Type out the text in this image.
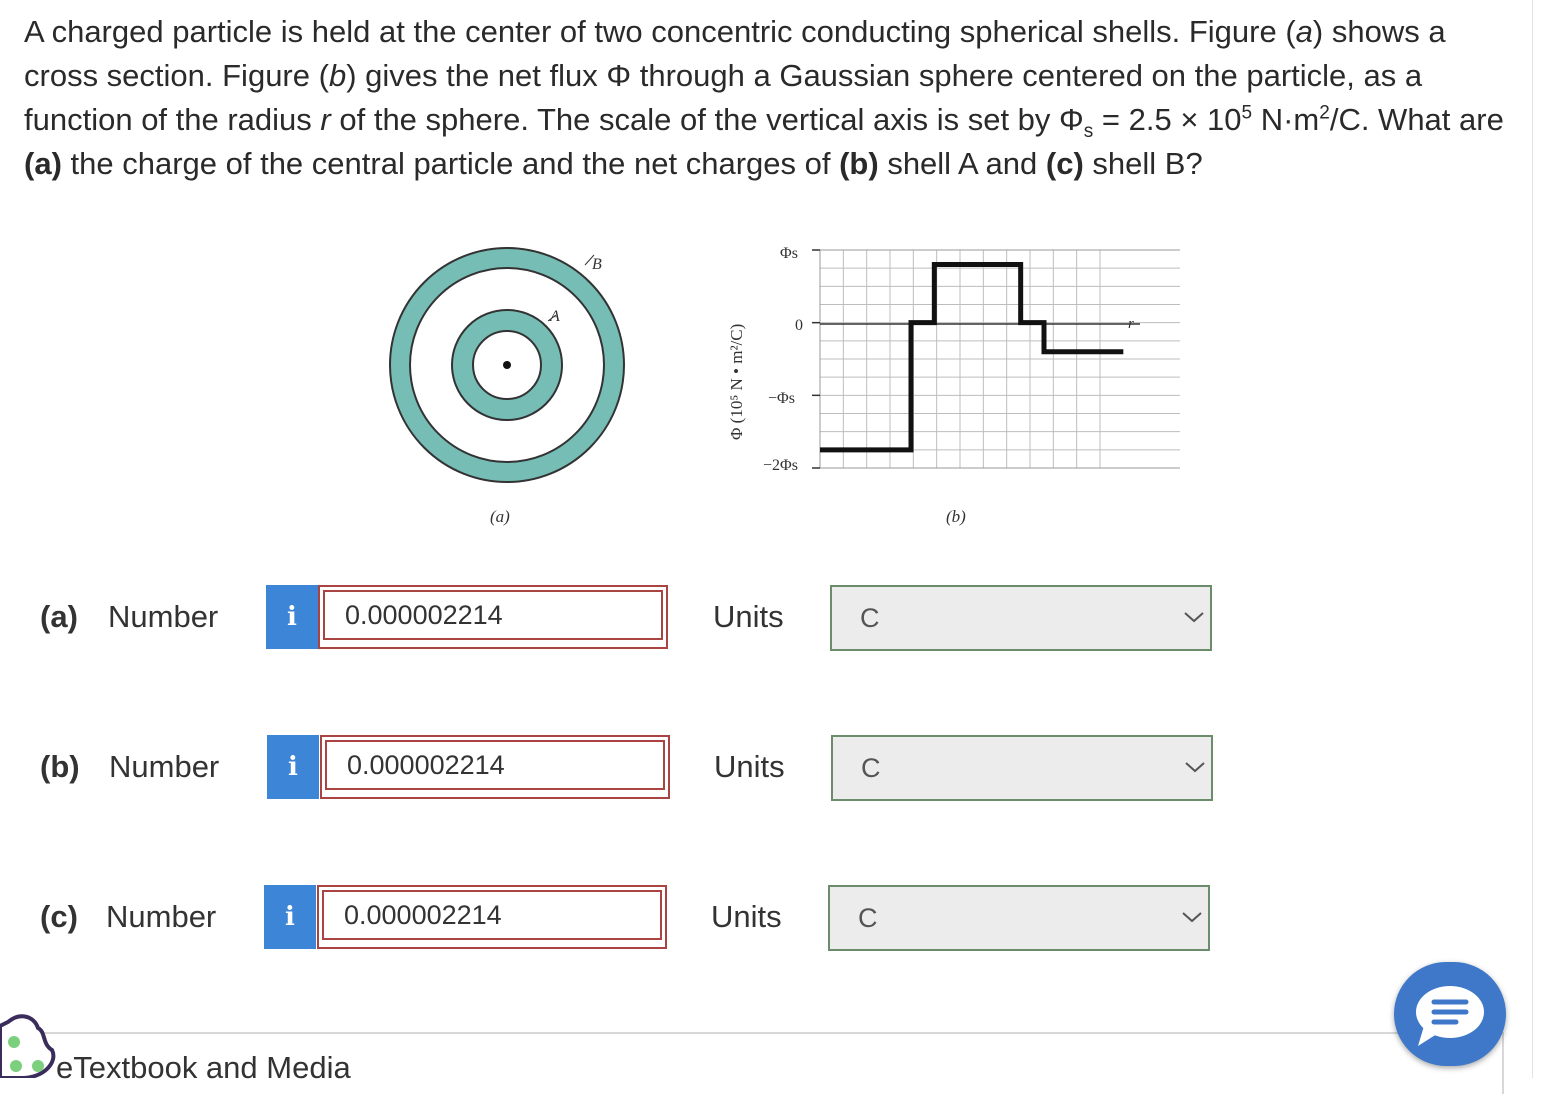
A charged particle is held at the center of two concentric conducting spherical shells. Figure (a) shows a cross section. Figure (b) gives the net flux Φ through a Gaussian sphere centered on the particle, as a function of the radius r of the sphere. The scale of the vertical axis is set by $\Phi_s = 2.5 \times 10^5$ $N\cdot m^2/C$. What are (a) the charge of the central particle and the net charges of (b) shell A and (c) shell B?
A
B
(a)
Φ (10⁵ N • m²/C)
Φs
0
−Φs
−2Φs
r
(b)
(a) Number	i
0.000002214	Units	C
(b) Number	i
0.000002214	Units	C
(c) Number	i
0.000002214	Units	C
eTextbook and Media
